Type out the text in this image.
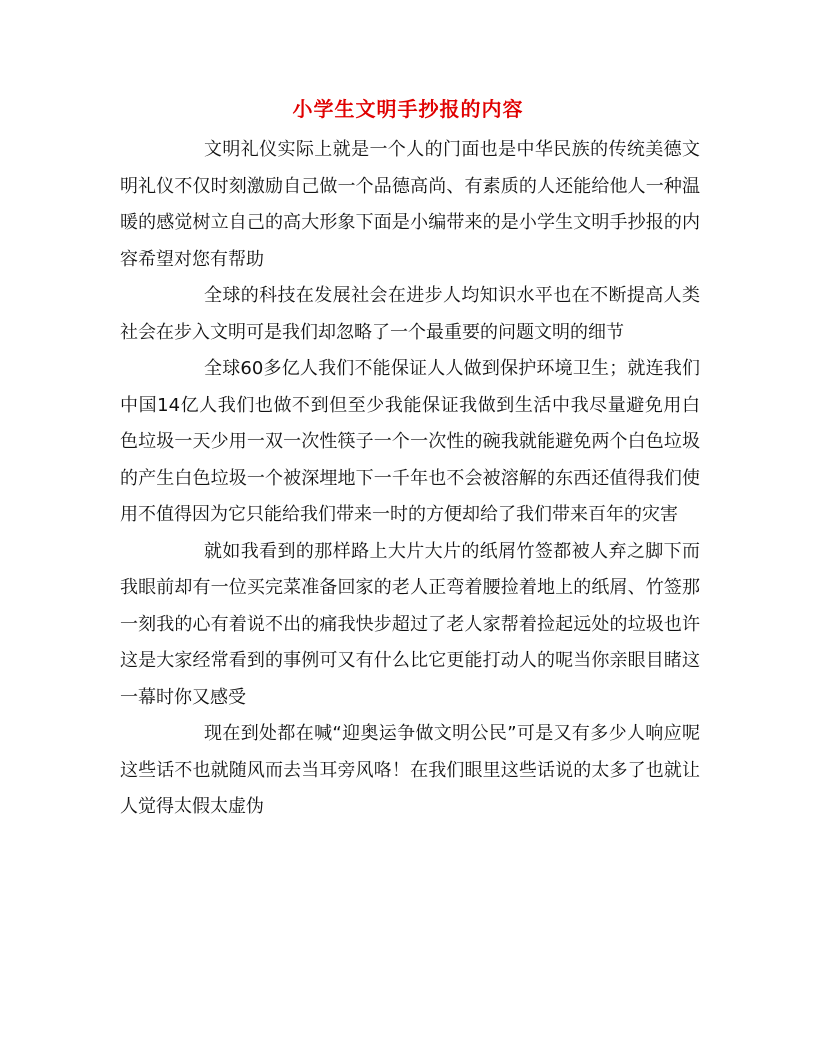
小学生文明手抄报的内容

文明礼仪实际上就是一个人的门面也是中华民族的传统美德文明礼仪不仅时刻激励自己做一个品德高尚、有素质的人还能给他人一种温暖的感觉树立自己的高大形象下面是小编带来的是小学生文明手抄报的内容希望对您有帮助

全球的科技在发展社会在进步人均知识水平也在不断提高人类社会在步入文明可是我们却忽略了一个最重要的问题文明的细节

全球60多亿人我们不能保证人人做到保护环境卫生；就连我们中国14亿人我们也做不到但至少我能保证我做到生活中我尽量避免用白色垃圾一天少用一双一次性筷子一个一次性的碗我就能避免两个白色垃圾的产生白色垃圾一个被深埋地下一千年也不会被溶解的东西还值得我们使用不值得因为它只能给我们带来一时的方便却给了我们带来百年的灾害

就如我看到的那样路上大片大片的纸屑竹签都被人弃之脚下而我眼前却有一位买完菜准备回家的老人正弯着腰捡着地上的纸屑、竹签那一刻我的心有着说不出的痛我快步超过了老人家帮着捡起远处的垃圾也许这是大家经常看到的事例可又有什么比它更能打动人的呢当你亲眼目睹这一幕时你又感受

现在到处都在喊“迎奥运争做文明公民”可是又有多少人响应呢这些话不也就随风而去当耳旁风咯！在我们眼里这些话说的太多了也就让人觉得太假太虚伪
